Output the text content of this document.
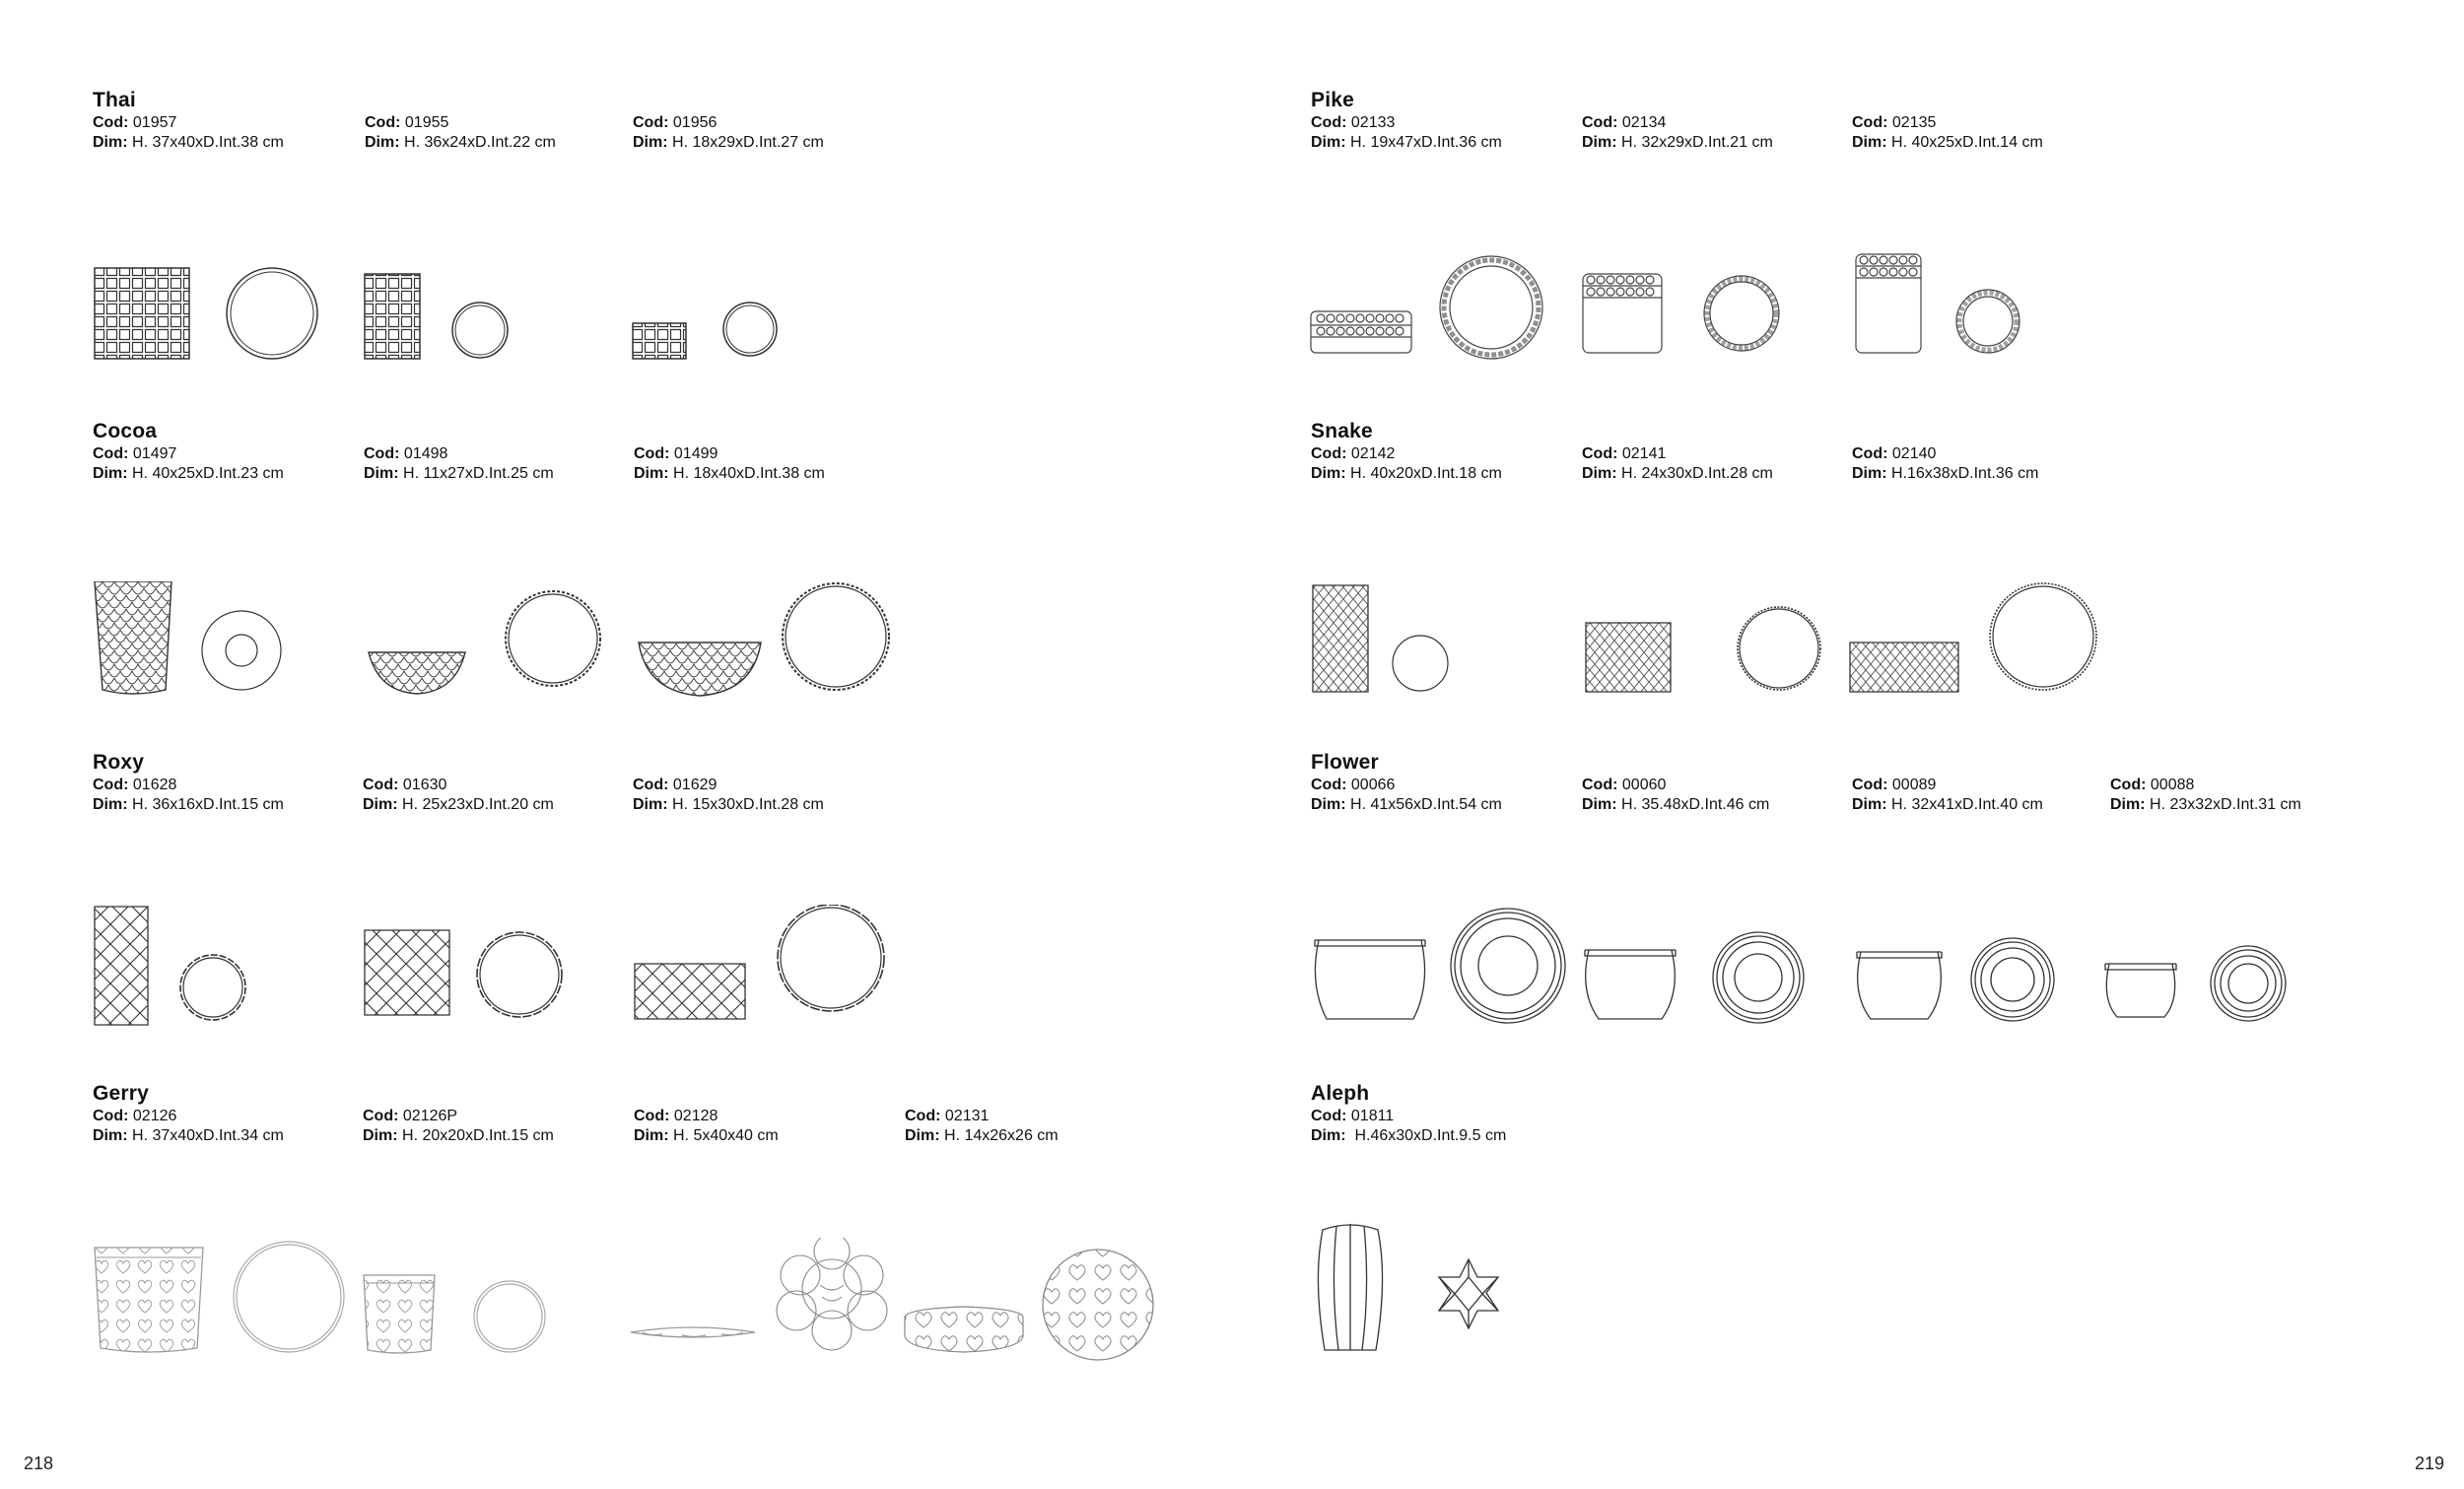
218	219
Thai
Cod: 01957
Dim: H. 37x40xD.Int.38 cm
Cod: 01955
Dim: H. 36x24xD.Int.22 cm
Cod: 01956
Dim: H. 18x29xD.Int.27 cm
Pike
Cod: 02133
Dim: H. 19x47xD.Int.36 cm
Cod: 02134
Dim: H. 32x29xD.Int.21 cm
Cod: 02135
Dim: H. 40x25xD.Int.14 cm
Cocoa
Cod: 01497
Dim: H. 40x25xD.Int.23 cm
Cod: 01498
Dim: H. 11x27xD.Int.25 cm
Cod: 01499
Dim: H. 18x40xD.Int.38 cm
Snake
Cod: 02142
Dim: H. 40x20xD.Int.18 cm
Cod: 02141
Dim: H. 24x30xD.Int.28 cm
Cod: 02140
Dim: H.16x38xD.Int.36 cm
Roxy
Cod: 01628
Dim: H. 36x16xD.Int.15 cm
Cod: 01630
Dim: H. 25x23xD.Int.20 cm
Cod: 01629
Dim: H. 15x30xD.Int.28 cm
Flower
Cod: 00066
Dim: H. 41x56xD.Int.54 cm
Cod: 00060
Dim: H. 35.48xD.Int.46 cm
Cod: 00089
Dim: H. 32x41xD.Int.40 cm
Cod: 00088
Dim: H. 23x32xD.Int.31 cm
Gerry
Cod: 02126
Dim: H. 37x40xD.Int.34 cm
Cod: 02126P
Dim: H. 20x20xD.Int.15 cm
Cod: 02128
Dim: H. 5x40x40 cm
Cod: 02131
Dim: H. 14x26x26 cm
Aleph
Cod: 01811
Dim: H.46x30xD.Int.9.5 cm
